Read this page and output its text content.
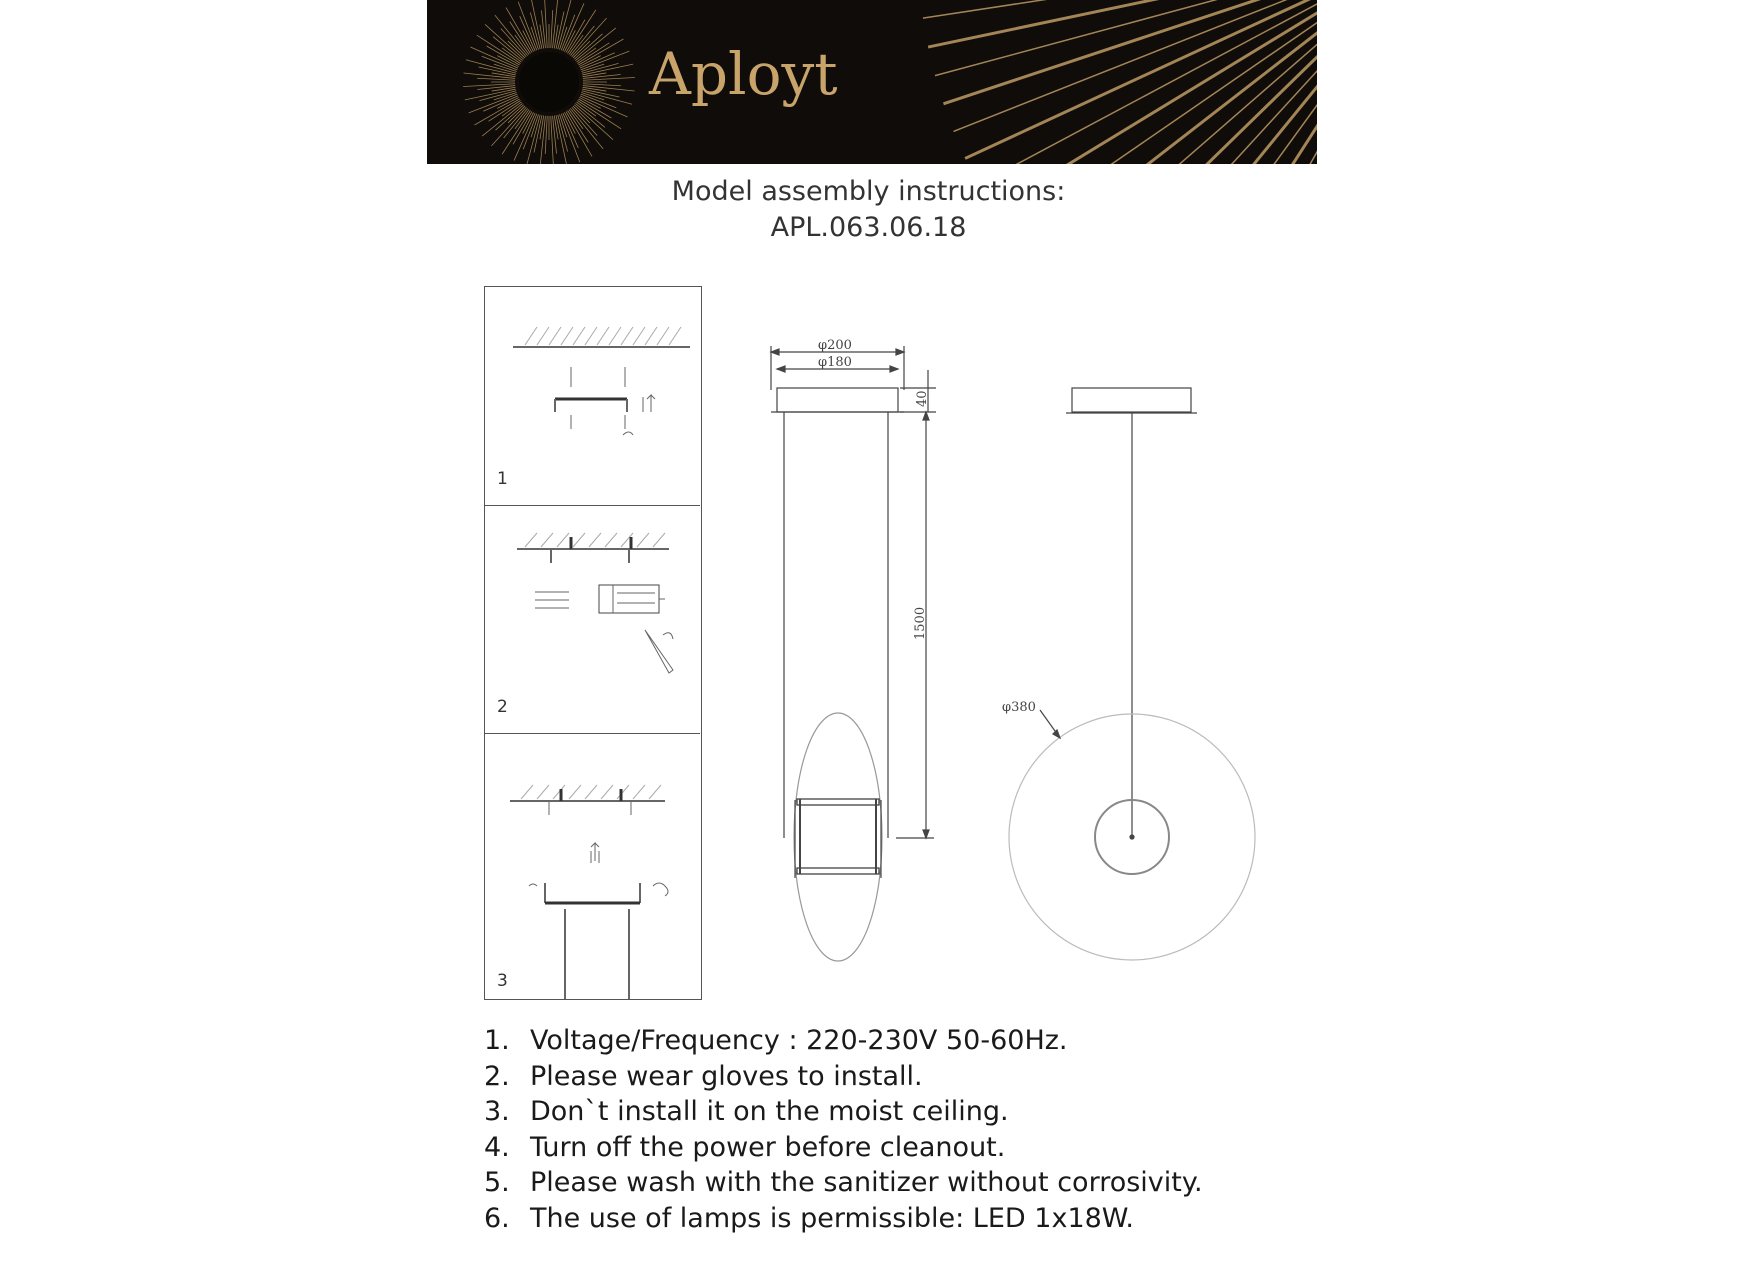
Aployt
Model assembly instructions:
APL.063.06.18
1
2
3
φ200
φ180
40
1500
φ380
1. Voltage/Frequency : 220-230V 50-60Hz.
2. Please wear gloves to install.
3. Don`t install it on the moist ceiling.
4. Turn off the power before cleanout.
5. Please wash with the sanitizer without corrosivity.
6. The use of lamps is permissible: LED 1x18W.
